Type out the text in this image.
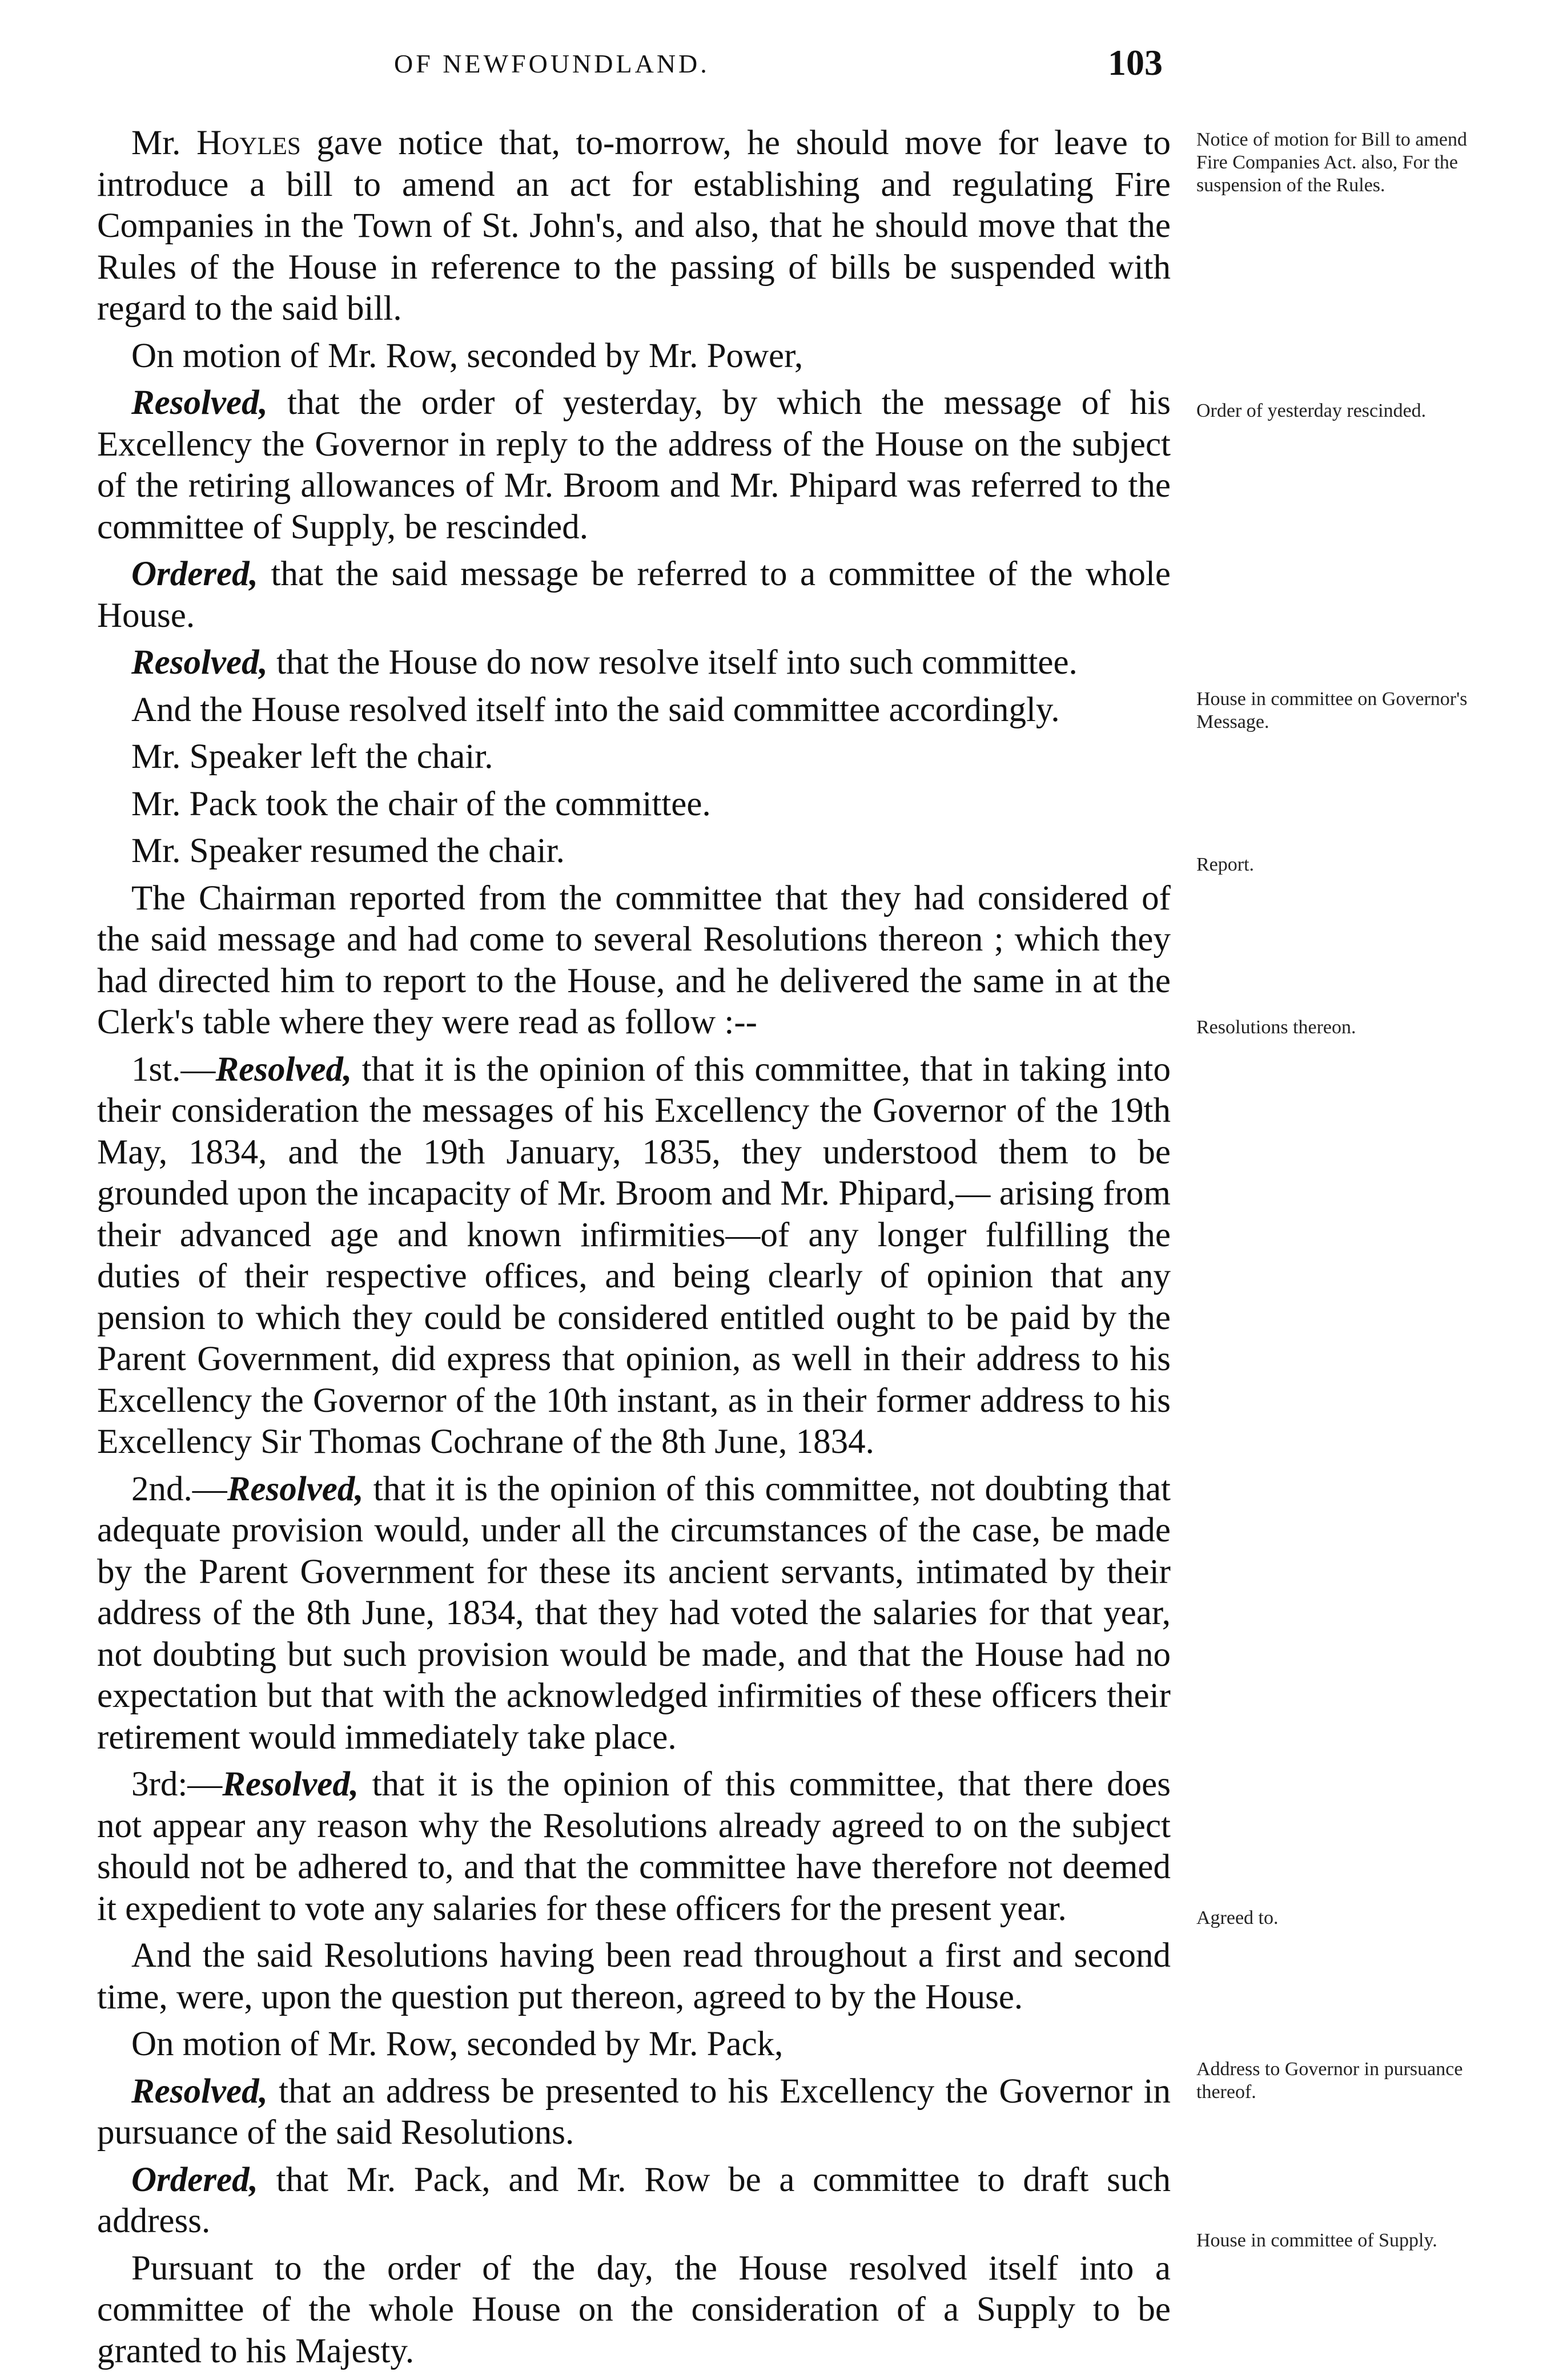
OF NEWFOUNDLAND.	103

Mr. Hoyles gave notice that, to-morrow, he should move for leave to introduce a bill to amend an act for establishing and regulating Fire Companies in the Town of St. John's, and also, that he should move that the Rules of the House in reference to the passing of bills be suspended with regard to the said bill.

On motion of Mr. Row, seconded by Mr. Power,

Resolved, that the order of yesterday, by which the message of his Excellency the Governor in reply to the address of the House on the subject of the retiring allowances of Mr. Broom and Mr. Phipard was referred to the committee of Supply, be rescinded.

Ordered, that the said message be referred to a committee of the whole House.

Resolved, that the House do now resolve itself into such committee.

And the House resolved itself into the said committee accordingly.

Mr. Speaker left the chair.

Mr. Pack took the chair of the committee.

Mr. Speaker resumed the chair.

The Chairman reported from the committee that they had considered of the said message and had come to several Resolutions thereon ; which they had directed him to report to the House, and he delivered the same in at the Clerk's table where they were read as follow :--

1st.—Resolved, that it is the opinion of this committee, that in taking into their consideration the messages of his Excellency the Governor of the 19th May, 1834, and the 19th January, 1835, they understood them to be grounded upon the incapacity of Mr. Broom and Mr. Phipard,— arising from their advanced age and known infirmities—of any longer fulfilling the duties of their respective offices, and being clearly of opinion that any pension to which they could be considered entitled ought to be paid by the Parent Government, did express that opinion, as well in their address to his Excellency the Governor of the 10th instant, as in their former address to his Excellency Sir Thomas Cochrane of the 8th June, 1834.

2nd.—Resolved, that it is the opinion of this committee, not doubting that adequate provision would, under all the circumstances of the case, be made by the Parent Government for these its ancient servants, intimated by their address of the 8th June, 1834, that they had voted the salaries for that year, not doubting but such provision would be made, and that the House had no expectation but that with the acknowledged infirmities of these officers their retirement would immediately take place.

3rd:—Resolved, that it is the opinion of this committee, that there does not appear any reason why the Resolutions already agreed to on the subject should not be adhered to, and that the committee have therefore not deemed it expedient to vote any salaries for these officers for the present year.

And the said Resolutions having been read throughout a first and second time, were, upon the question put thereon, agreed to by the House.

On motion of Mr. Row, seconded by Mr. Pack,

Resolved, that an address be presented to his Excellency the Governor in pursuance of the said Resolutions.

Ordered, that Mr. Pack, and Mr. Row be a committee to draft such address.

Pursuant to the order of the day, the House resolved itself into a committee of the whole House on the consideration of a Supply to be granted to his Majesty.

Notice of motion for Bill to amend Fire Companies Act. also, For the suspension of the Rules.
Order of yesterday rescinded.
House in committee on Governor's Message.
Report.
Resolutions thereon.
Agreed to.
Address to Governor in pursuance thereof.
House in committee of Supply.
